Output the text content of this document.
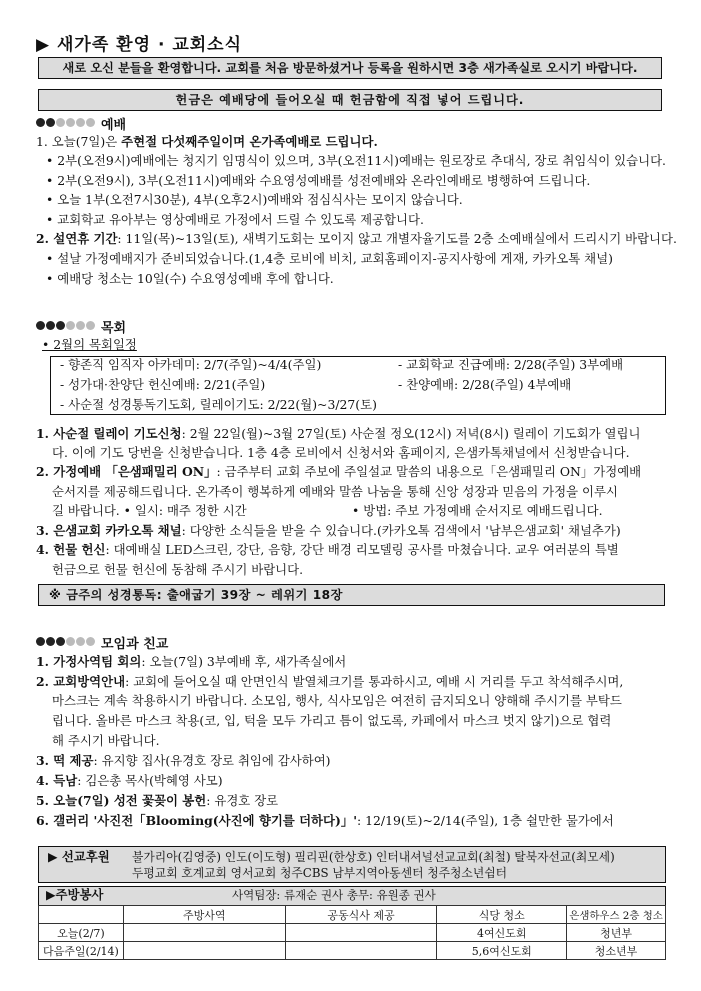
▶ 새가족 환영 · 교회소식
새로 오신 분들을 환영합니다. 교회를 처음 방문하셨거나 등록을 원하시면 3층 새가족실로 오시기 바랍니다.
헌금은 예배당에 들어오실 때 헌금함에 직접 넣어 드립니다.
예배
1. 오늘(7일)은 주현절 다섯째주일이며 온가족예배로 드립니다.
• 2부(오전9시)예배에는 청지기 임명식이 있으며, 3부(오전11시)예배는 원로장로 추대식, 장로 취임식이 있습니다.
• 2부(오전9시), 3부(오전11시)예배와 수요영성예배를 성전예배와 온라인예배로 병행하여 드립니다.
• 오늘 1부(오전7시30분), 4부(오후2시)예배와 점심식사는 모이지 않습니다.
• 교회학교 유아부는 영상예배로 가정에서 드릴 수 있도록 제공합니다.
2. 설연휴 기간: 11일(목)~13일(토), 새벽기도회는 모이지 않고 개별자율기도를 2층 소예배실에서 드리시기 바랍니다.
• 설날 가정예배지가 준비되었습니다.(1,4층 로비에 비치, 교회홈페이지-공지사항에 게재, 카카오톡 채널)
• 예배당 청소는 10일(수) 수요영성예배 후에 합니다.
목회
• 2월의 목회일정
- 향존직 임직자 아카데미: 2/7(주일)~4/4(주일)	- 교회학교 진급예배: 2/28(주일) 3부예배
- 성가대·찬양단 헌신예배: 2/21(주일)	- 찬양예배: 2/28(주일) 4부예배
- 사순절 성경통독기도회, 릴레이기도: 2/22(월)~3/27(토)
1. 사순절 릴레이 기도신청: 2월 22일(월)~3월 27일(토) 사순절 정오(12시) 저녁(8시) 릴레이 기도회가 열립니
다. 이에 기도 당번을 신청받습니다. 1층 4층 로비에서 신청서와 홈페이지, 은샘카톡채널에서 신청받습니다.
2. 가정예배 「은샘패밀리 ON」: 금주부터 교회 주보에 주일설교 말씀의 내용으로「은샘패밀리 ON」가정예배
순서지를 제공해드립니다. 온가족이 행복하게 예배와 말씀 나눔을 통해 신앙 성장과 믿음의 가정을 이루시
길 바랍니다. • 일시: 매주 정한 시간	• 방법: 주보 가정예배 순서지로 예배드립니다.
3. 은샘교회 카카오톡 채널: 다양한 소식들을 받을 수 있습니다.(카카오톡 검색에서 '남부은샘교회' 채널추가)
4. 헌물 헌신: 대예배실 LED스크린, 강단, 음향, 강단 배경 리모델링 공사를 마쳤습니다. 교우 여러분의 특별
헌금으로 헌물 헌신에 동참해 주시기 바랍니다.
※ 금주의 성경통독: 출애굽기 39장 ~ 레위기 18장
모임과 친교
1. 가정사역팀 회의: 오늘(7일) 3부예배 후, 새가족실에서
2. 교회방역안내: 교회에 들어오실 때 안면인식 발열체크기를 통과하시고, 예배 시 거리를 두고 착석해주시며,
마스크는 계속 착용하시기 바랍니다. 소모임, 행사, 식사모임은 여전히 금지되오니 양해해 주시기를 부탁드
립니다. 올바른 마스크 착용(코, 입, 턱을 모두 가리고 틈이 없도록, 카페에서 마스크 벗지 않기)으로 협력
해 주시기 바랍니다.
3. 떡 제공: 유지향 집사(유경호 장로 취임에 감사하여)
4. 득남: 김은총 목사(박혜영 사모)
5. 오늘(7일) 성전 꽃꽂이 봉헌: 유경호 장로
6. 갤러리 '사진전「Blooming(사진에 향기를 더하다)」': 12/19(토)~2/14(주일), 1층 쉴만한 물가에서
▶ 선교후원 불가리아(김영중) 인도(이도형) 필리핀(한상호) 인터내셔널선교교회(최철) 탈북자선교(최모세)
두평교회 호계교회 영서교회 청주CBS 남부지역아동센터 청주청소년쉼터
▶주방봉사	사역팀장: 류재순 권사 총무: 유원종 권사
	주방사역	공동식사 제공	식당 청소	은샘하우스 2층 청소
오늘(2/7)			4여신도회	청년부
다음주일(2/14)			5,6여신도회	청소년부
